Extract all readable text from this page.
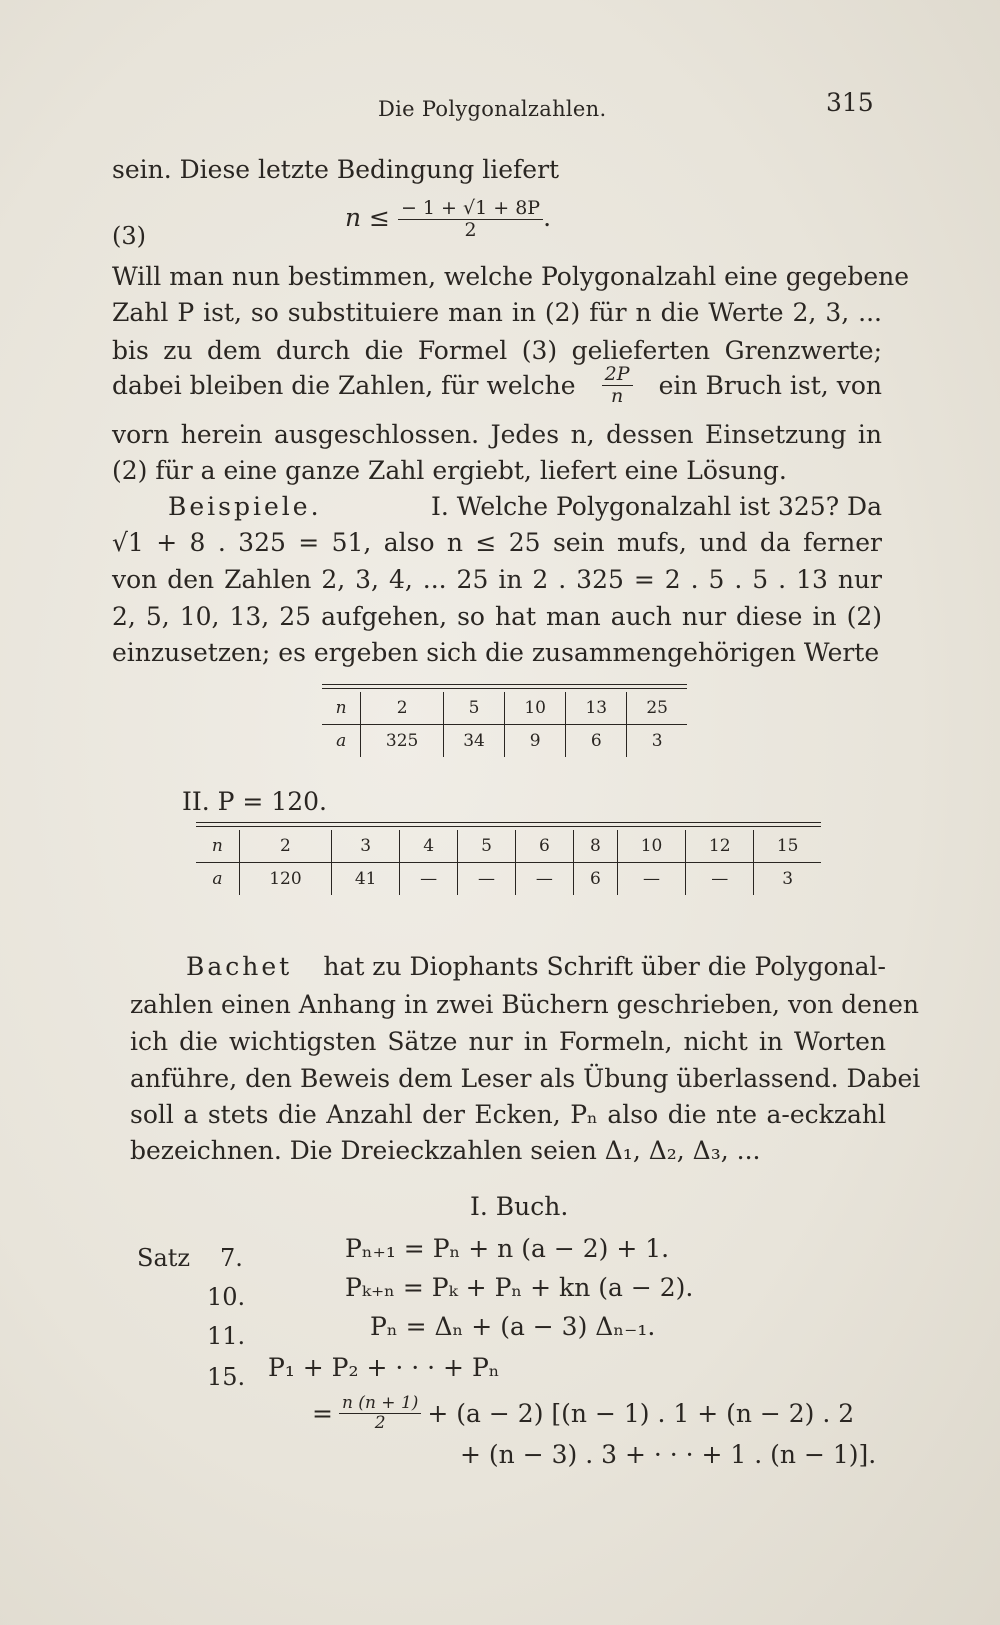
Die Polygonalzahlen.	315
sein. Diese letzte Bedingung liefert
(3)
$n \le \frac{- 1 + √1 + 8P}{2}$ .
Will man nun bestimmen, welche Polygonalzahl eine gegebene
Zahl P ist, so substituiere man in (2) für n die Werte 2, 3, ...
bis zu dem durch die Formel (3) gelieferten Grenzwerte;
dabei bleiben die Zahlen, für welche $\frac{2P}{n}$ ein Bruch ist, von
vorn herein ausgeschlossen. Jedes n, dessen Einsetzung in
(2) für a eine ganze Zahl ergiebt, liefert eine Lösung.
Beispiele.	I. Welche Polygonalzahl ist 325? Da
√1 + 8 . 325 = 51, also n ≤ 25 sein mufs, und da ferner
von den Zahlen 2, 3, 4, ... 25 in 2 . 325 = 2 . 5 . 5 . 13 nur
2, 5, 10, 13, 25 aufgehen, so hat man auch nur diese in (2)
einzusetzen; es ergeben sich die zusammengehörigen Werte
n	2	5	10	13	25
a	325	34	9	6	3
II. P = 120.
n	2	3	4	5	6	8	10	12	15
a	120	41	—	—	—	6	—	—	3
Bachet hat zu Diophants Schrift über die Polygonal-
zahlen einen Anhang in zwei Büchern geschrieben, von denen
ich die wichtigsten Sätze nur in Formeln, nicht in Worten
anführe, den Beweis dem Leser als Übung überlassend. Dabei
soll a stets die Anzahl der Ecken, Pₙ also die nte a-eckzahl
bezeichnen. Die Dreieckzahlen seien Δ₁, Δ₂, Δ₃, ...
I. Buch.
Satz 7.	Pₙ₊₁ = Pₙ + n (a − 2) + 1.
10.	Pₖ₊ₙ = Pₖ + Pₙ + kn (a − 2).
11.	Pₙ = Δₙ + (a − 3) Δₙ₋₁.
15. P₁ + P₂ + · · · + Pₙ
= $\frac{n (n + 1)}{2} + (a - 2) [(n - 1)$ . 1 + (n − 2) . 2
+ (n − 3) . 3 + · · · + 1 . (n − 1)].
